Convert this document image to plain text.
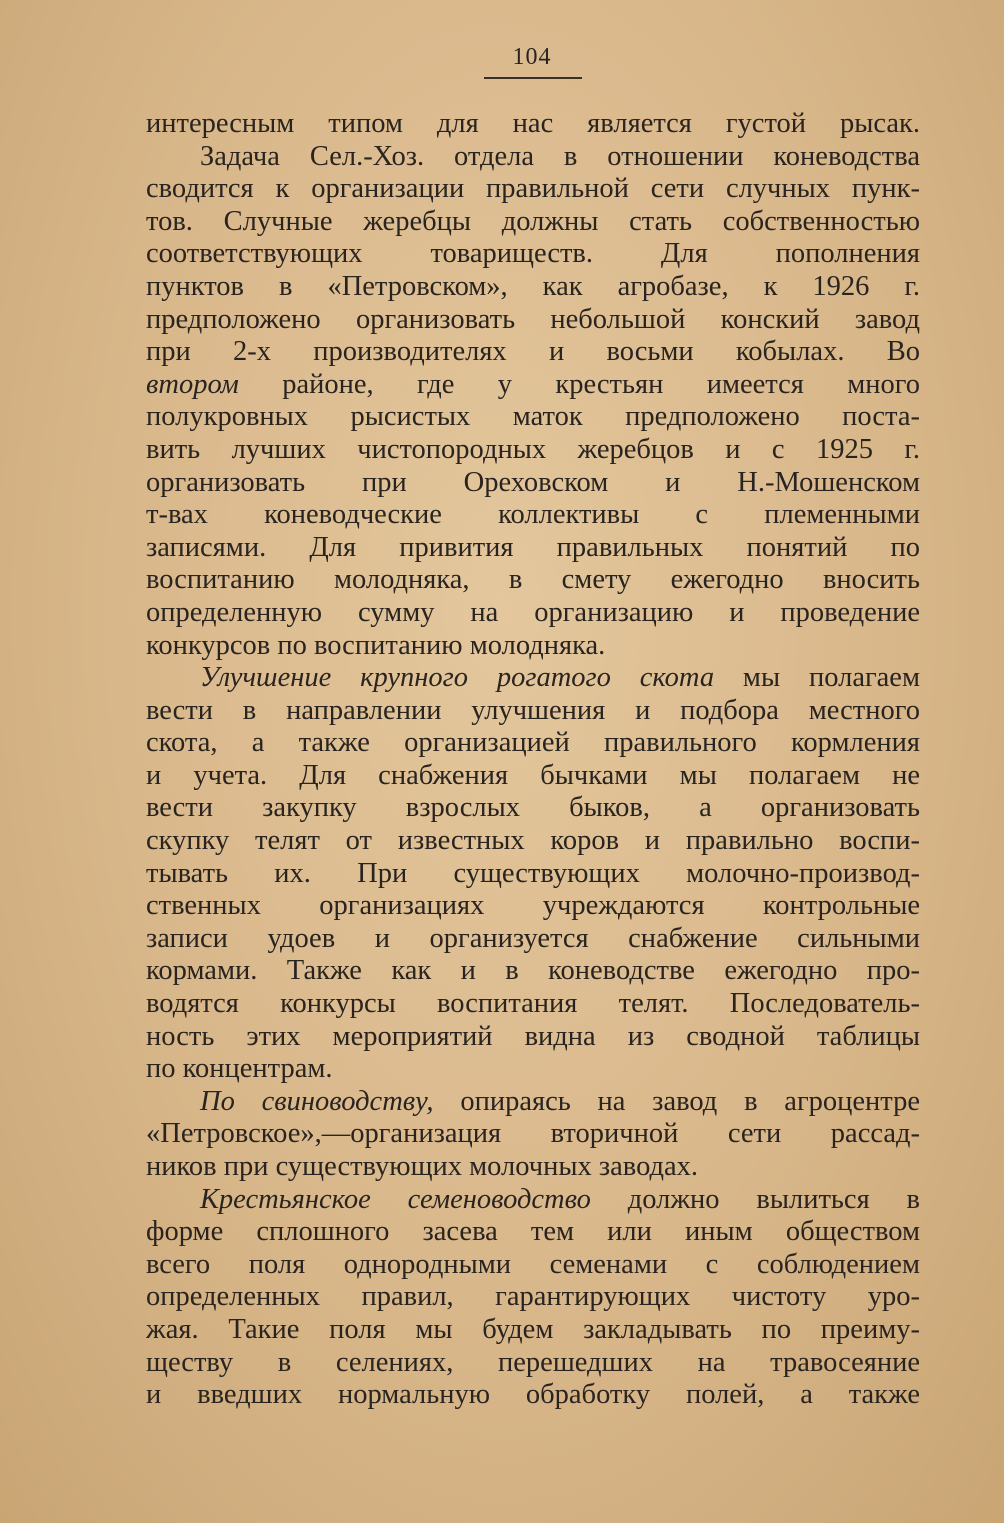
104
интересным типом для нас является густой рысак.
Задача Сел.-Хоз. отдела в отношении коневодства
сводится к организации правильной сети случных пунк-
тов. Случные жеребцы должны стать собственностью
соответствующих товариществ. Для пополнения
пунктов в «Петровском», как агробазе, к 1926 г.
предположено организовать небольшой конский завод
при 2-х производителях и восьми кобылах. Во
втором районе, где у крестьян имеется много
полукровных рысистых маток предположено поста-
вить лучших чистопородных жеребцов и с 1925 г.
организовать при Ореховском и Н.-Мошенском
т-вах коневодческие коллективы с племенными
записями. Для привития правильных понятий по
воспитанию молодняка, в смету ежегодно вносить
определенную сумму на организацию и проведение
конкурсов по воспитанию молодняка.
Улучшение крупного рогатого скота мы полагаем
вести в направлении улучшения и подбора местного
скота, а также организацией правильного кормления
и учета. Для снабжения бычками мы полагаем не
вести закупку взрослых быков, а организовать
скупку телят от известных коров и правильно воспи-
тывать их. При существующих молочно-производ-
ственных организациях учреждаются контрольные
записи удоев и организуется снабжение сильными
кормами. Также как и в коневодстве ежегодно про-
водятся конкурсы воспитания телят. Последователь-
ность этих мероприятий видна из сводной таблицы
по концентрам.
По свиноводству, опираясь на завод в агроцентре
«Петровское»,—организация вторичной сети рассад-
ников при существующих молочных заводах.
Крестьянское семеноводство должно вылиться в
форме сплошного засева тем или иным обществом
всего поля однородными семенами с соблюдением
определенных правил, гарантирующих чистоту уро-
жая. Такие поля мы будем закладывать по преиму-
ществу в селениях, перешедших на травосеяние
и введших нормальную обработку полей, а также
